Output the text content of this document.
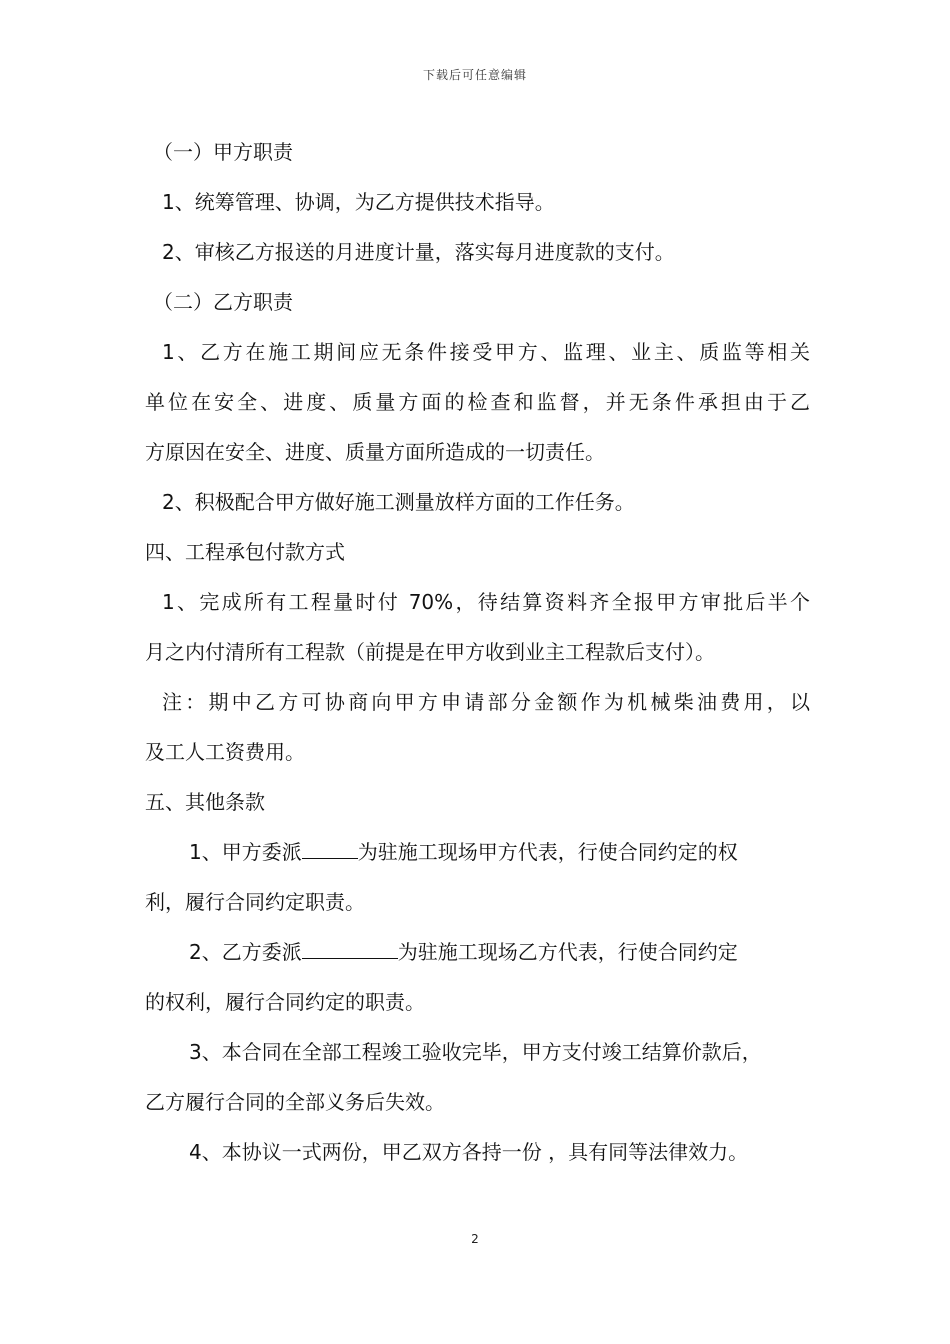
下载后可任意编辑
（一）甲方职责
1、统筹管理、协调，为乙方提供技术指导。
2、审核乙方报送的月进度计量，落实每月进度款的支付。
（二）乙方职责
1、乙方在施工期间应无条件接受甲方、监理、业主、质监等相关
单位在安全、进度、质量方面的检查和监督，并无条件承担由于乙
方原因在安全、进度、质量方面所造成的一切责任。
2、积极配合甲方做好施工测量放样方面的工作任务。
四、工程承包付款方式
1、完成所有工程量时付 70%，待结算资料齐全报甲方审批后半个
月之内付清所有工程款（前提是在甲方收到业主工程款后支付）。
注：期中乙方可协商向甲方申请部分金额作为机械柴油费用，以
及工人工资费用。
五、其他条款
1、甲方委派	为驻施工现场甲方代表，行使合同约定的权
利，履行合同约定职责。
2、乙方委派	为驻施工现场乙方代表，行使合同约定
的权利，履行合同约定的职责。
3、本合同在全部工程竣工验收完毕，甲方支付竣工结算价款后，
乙方履行合同的全部义务后失效。
4、本协议一式两份，甲乙双方各持一份 ，具有同等法律效力。
2
